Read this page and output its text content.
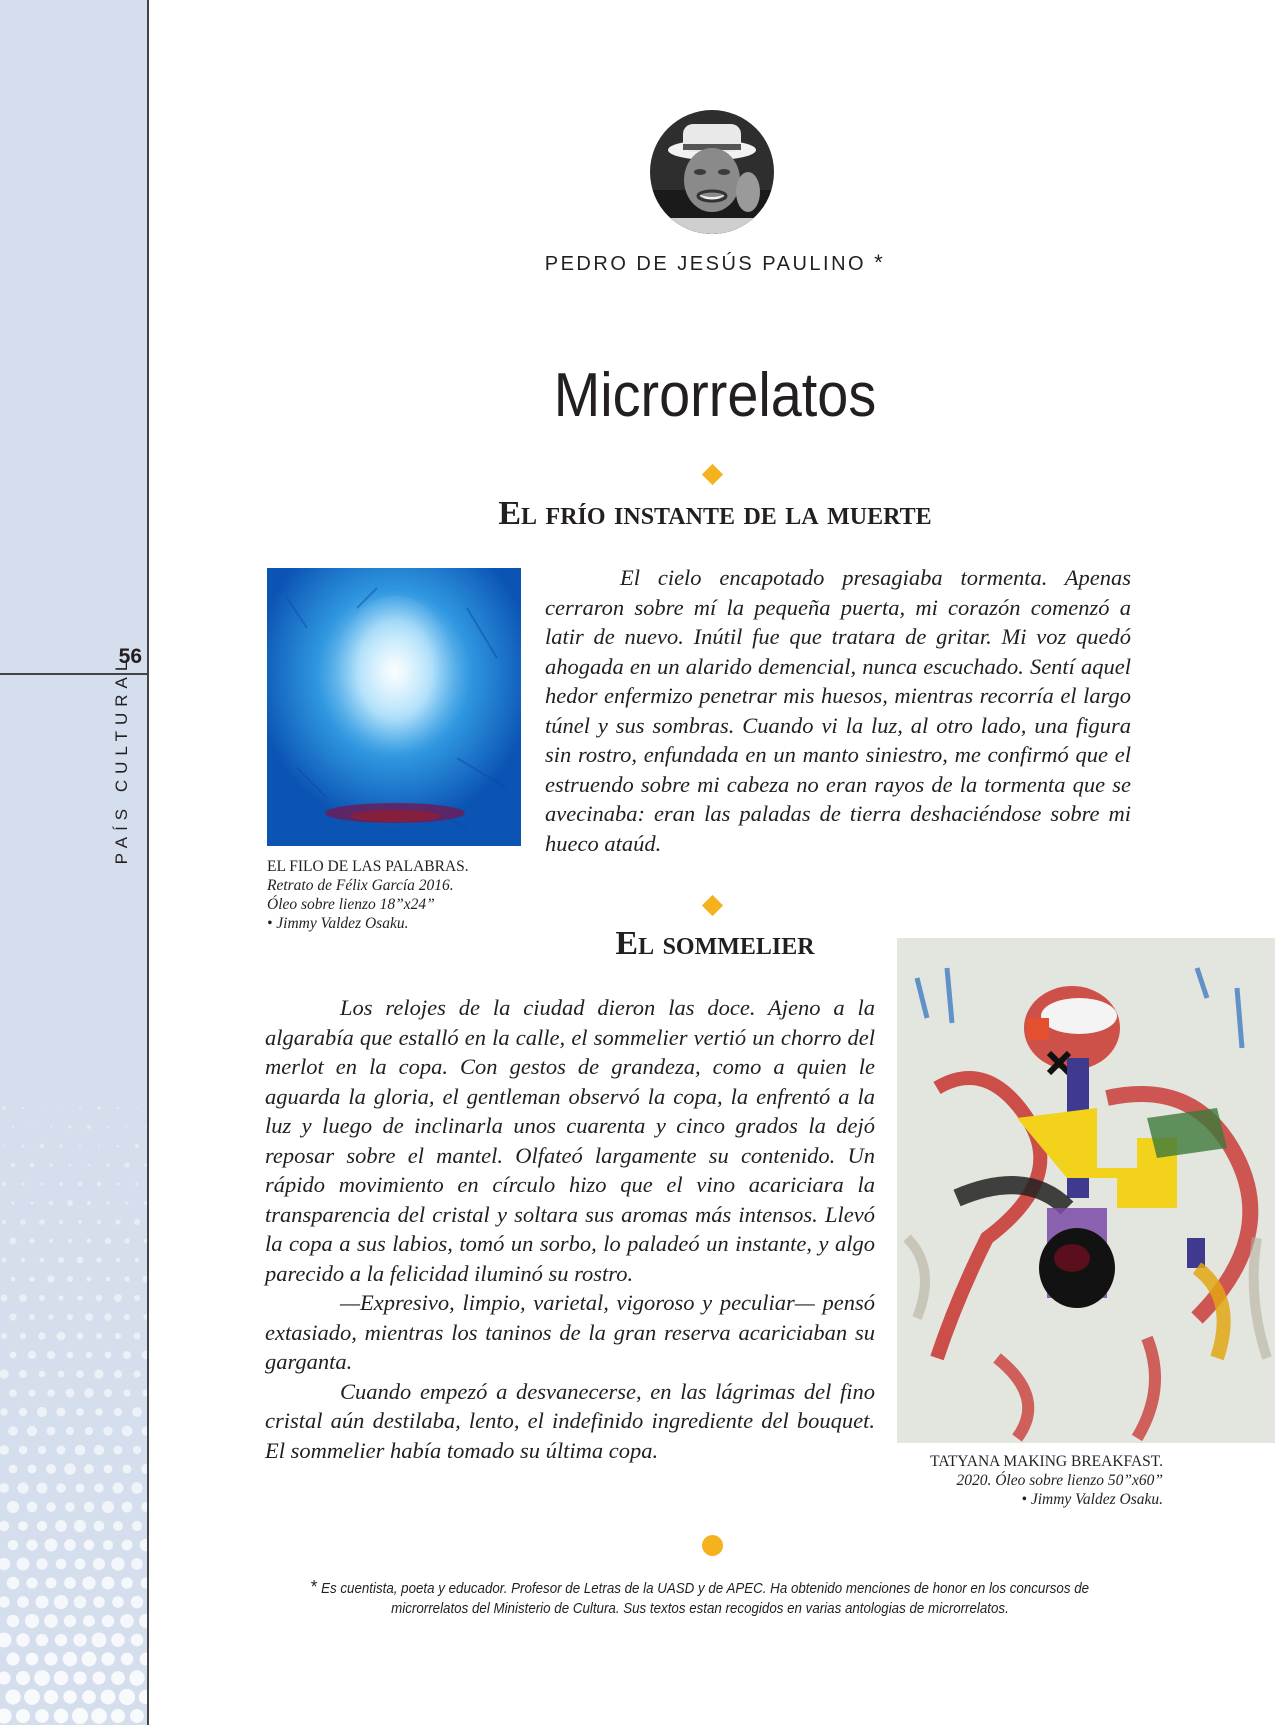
56
PAÍS CULTURAL
PEDRO DE JESÚS PAULINO *
Microrrelatos
El frío instante de la muerte

El cielo encapotado presagiaba tormenta. Apenas cerraron sobre mí la pequeña puerta, mi corazón comenzó a latir de nuevo. Inútil fue que tratara de gritar. Mi voz quedó ahogada en un alarido demencial, nunca escuchado. Sentí aquel hedor enfermizo penetrar mis huesos, mientras recorría el largo túnel y sus sombras. Cuando vi la luz, al otro lado, una figura sin rostro, enfundada en un manto siniestro, me confirmó que el estruendo sobre mi cabeza no eran rayos de la tormenta que se avecinaba: eran las paladas de tierra deshaciéndose sobre mi hueco ataúd.

EL FILO DE LAS PALABRAS.
Retrato de Félix García 2016.
Óleo sobre lienzo 18”x24”
• Jimmy Valdez Osaku.
El sommelier

Los relojes de la ciudad dieron las doce. Ajeno a la algarabía que estalló en la calle, el sommelier vertió un chorro del merlot en la copa. Con gestos de grandeza, como a quien le aguarda la gloria, el gentleman observó la copa, la enfrentó a la luz y luego de inclinarla unos cuarenta y cinco grados la dejó reposar sobre el mantel. Olfateó largamente su contenido. Un rápido movimiento en círculo hizo que el vino acariciara la transparencia del cristal y soltara sus aromas más intensos. Llevó la copa a sus labios, tomó un sorbo, lo paladeó un instante, y algo parecido a la felicidad iluminó su rostro.

—Expresivo, limpio, varietal, vigoroso y peculiar— pensó extasiado, mientras los taninos de la gran reserva acariciaban su garganta.

Cuando empezó a desvanecerse, en las lágrimas del fino cristal aún destilaba, lento, el indefinido ingrediente del bouquet. El sommelier había tomado su última copa.	TATYANA MAKING BREAKFAST.
2020. Óleo sobre lienzo 50”x60”
• Jimmy Valdez Osaku.
* Es cuentista, poeta y educador. Profesor de Letras de la UASD y de APEC. Ha obtenido menciones de honor en los concursos de microrrelatos del Ministerio de Cultura. Sus textos estan recogidos en varias antologias de microrrelatos.
